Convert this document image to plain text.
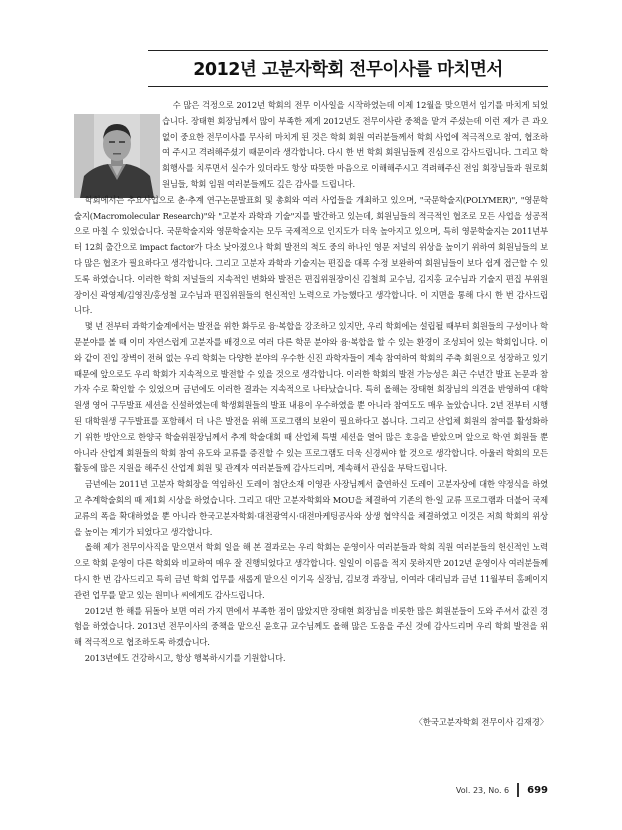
2012년 고분자학회 전무이사를 마치면서

수 많은 걱정으로 2012년 학회의 전무 이사일을 시작하였는데 이제 12월을 맞으면서 임기를 마치게 되었습니다. 장태현 회장님께서 많이 부족한 제게 2012년도 전무이사란 중책을 맡겨 주셨는데 이런 제가 큰 과오 없이 중요한 전무이사를 무사히 마치게 된 것은 학회 회원 여러분들께서 학회 사업에 적극적으로 참여, 협조하여 주시고 격려해주셨기 때문이라 생각합니다. 다시 한 번 학회 회원님들께 진심으로 감사드립니다. 그리고 학회행사를 치루면서 실수가 있더라도 항상 따뜻한 마음으로 이해해주시고 격려해주신 전임 회장님들과 원로회원님들, 학회 임원 여러분들께도 깊은 감사를 드립니다.

학회에서는 추요사업으로 춘·추계 연구논문발표회 및 총회와 여러 사업들을 개최하고 있으며, "국문학술지(POLYMER)", "영문학술지(Macromolecular Research)"와 "고분자 과학과 기술"지를 발간하고 있는데, 회원님들의 적극적인 협조로 모든 사업을 성공적으로 마칠 수 있었습니다. 국문학술지와 영문학술지는 모두 국제적으로 인지도가 더욱 높아지고 있으며, 특히 영문학술지는 2011년부터 12회 출간으로 impact factor가 다소 낮아졌으나 학회 발전의 척도 중의 하나인 영문 저널의 위상을 높이기 위하여 회원님들의 보다 많은 협조가 필요하다고 생각합니다. 그리고 고분자 과학과 기술지는 편집을 대폭 수정 보완하여 회원님들이 보다 쉽게 접근할 수 있도록 하였습니다. 이러한 학회 저널들의 지속적인 변화와 발전은 편집위원장이신 김철희 교수님, 김지홍 교수님과 기술지 편집 부위원장이신 곽영제/김영진/홍성철 교수님과 편집위원들의 헌신적인 노력으로 가능했다고 생각합니다. 이 지면을 통해 다시 한 번 감사드립니다.

몇 년 전부터 과학기술계에서는 발전을 위한 화두로 융·복합을 강조하고 있지만, 우리 학회에는 설립될 때부터 회원들의 구성이나 학문분야를 볼 때 이미 자연스럽게 고분자를 배경으로 여러 다른 학문 분야와 융·복합을 할 수 있는 환경이 조성되어 있는 학회입니다. 이와 같이 진입 장벽이 전혀 없는 우리 학회는 다양한 분야의 우수한 신진 과학자들이 계속 참여하여 학회의 주축 회원으로 성장하고 있기 때문에 앞으로도 우리 학회가 지속적으로 발전할 수 있을 것으로 생각합니다. 이러한 학회의 발전 가능성은 최근 수년간 발표 논문과 참가자 수로 확인할 수 있었으며 금년에도 이러한 결과는 지속적으로 나타났습니다. 특히 올해는 장태현 회장님의 의견을 반영하여 대학원생 영어 구두발표 세션을 신설하였는데 학생회원들의 발표 내용이 우수하였을 뿐 아니라 참여도도 매우 높았습니다. 2년 전부터 시행된 대학원생 구두발표를 포함해서 더 나은 발전을 위해 프로그램의 보완이 필요하다고 봅니다. 그리고 산업체 회원의 참여를 활성화하기 위한 방안으로 한양국 학술위원장님께서 추계 학술대회 때 산업체 특별 세션을 열어 많은 호응을 받았으며 앞으로 학·연 회원들 뿐 아니라 산업계 회원들의 학회 참여 유도와 교류를 증진할 수 있는 프로그램도 더욱 신경써야 할 것으로 생각합니다. 아울러 학회의 모든 활동에 많은 지원을 해주신 산업계 회원 및 관계자 여러분들께 감사드리며, 계속해서 관심을 부탁드립니다.

금년에는 2011년 고분자 학회장을 역임하신 도레이 첨단소재 이영관 사장님께서 출연하신 도레이 고분자상에 대한 약정식을 하였고 추계학술회의 때 제1회 시상을 하였습니다. 그리고 대만 고분자학회와 MOU을 체결하여 기존의 한·일 교류 프로그램과 더불어 국제교류의 폭을 확대하였을 뿐 아니라 한국고분자학회·대전광역시·대전마케팅공사와 상생 협약식을 체결하였고 이것은 저희 학회의 위상을 높이는 계기가 되었다고 생각합니다.

올해 제가 전무이사직을 맡으면서 학회 일을 해 본 결과로는 우리 학회는 운영이사 여러분들과 학회 직원 여러분들의 헌신적인 노력으로 학회 운영이 다른 학회와 비교하여 매우 잘 진행되었다고 생각합니다. 일일이 이름을 적지 못하지만 2012년 운영이사 여러분들께 다시 한 번 감사드리고 특히 금년 학회 업무를 새롭게 맡으신 이기옥 실장님, 김보경 과장님, 이여라 대리님과 금년 11월부터 홈페이지 관련 업무를 맡고 있는 원미나 씨에게도 감사드립니다.

2012년 한 해를 뒤돌아 보면 여러 가지 면에서 부족한 점이 많았지만 장태현 회장님을 비롯한 많은 회원분들이 도와 주셔서 값진 경험을 하였습니다. 2013년 전무이사의 중책을 맡으신 윤호규 교수님께도 올해 많은 도움을 주신 것에 감사드리며 우리 학회 발전을 위해 적극적으로 협조하도록 하겠습니다.

2013년에도 건강하시고, 항상 행복하시기를 기원합니다.

〈한국고분자학회 전무이사 김재경〉
Vol. 23, No. 6 699
